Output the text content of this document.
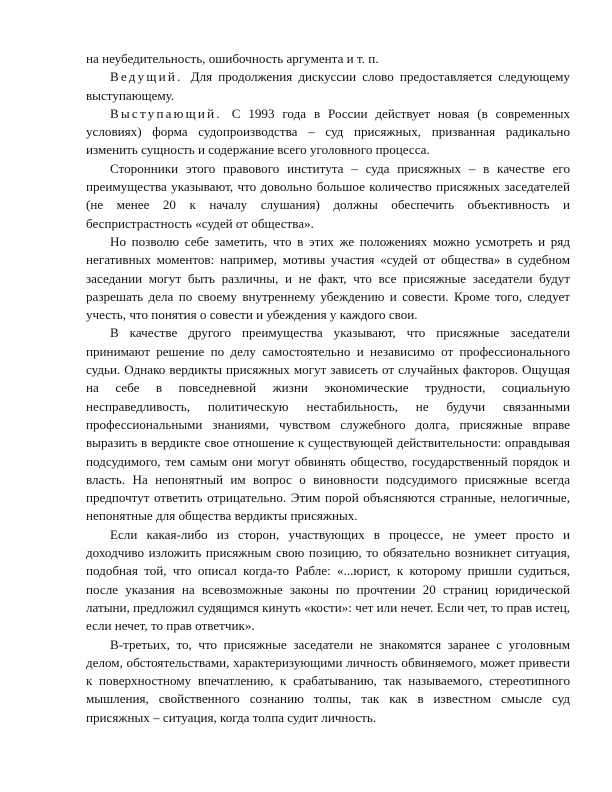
на неубедительность, ошибочность аргумента и т. п.

Ведущий. Для продолжения дискуссии слово предоставляется следующему выступающему.

Выступающий. С 1993 года в России действует новая (в современных условиях) форма судопроизводства – суд присяжных, призванная радикально изменить сущность и содержание всего уголовного процесса.

Сторонники этого правового института – суда присяжных – в качестве его преимущества указывают, что довольно большое количество присяжных заседателей (не менее 20 к началу слушания) должны обеспечить объективность и беспристрастность «судей от общества».

Но позволю себе заметить, что в этих же положениях можно усмотреть и ряд негативных моментов: например, мотивы участия «судей от общества» в судебном заседании могут быть различны, и не факт, что все присяжные заседатели будут разрешать дела по своему внутреннему убеждению и совести. Кроме того, следует учесть, что понятия о совести и убеждения у каждого свои.

В качестве другого преимущества указывают, что присяжные заседатели принимают решение по делу самостоятельно и независимо от профессионального судьи. Однако вердикты присяжных могут зависеть от случайных факторов. Ощущая на себе в повседневной жизни экономические трудности, социальную несправедливость, политическую нестабильность, не будучи связанными профессиональными знаниями, чувством служебного долга, присяжные вправе выразить в вердикте свое отношение к существующей действительности: оправдывая подсудимого, тем самым они могут обвинять общество, государственный порядок и власть. На непонятный им вопрос о виновности подсудимого присяжные всегда предпочтут ответить отрицательно. Этим порой объясняются странные, нелогичные, непонятные для общества вердикты присяжных.

Если какая-либо из сторон, участвующих в процессе, не умеет просто и доходчиво изложить присяжным свою позицию, то обязательно возникнет ситуация, подобная той, что описал когда-то Рабле: «...юрист, к которому пришли судиться, после указания на всевозможные законы по прочтении 20 страниц юридической латыни, предложил судящимся кинуть «кости»: чет или нечет. Если чет, то прав истец, если нечет, то прав ответчик».

В-третьих, то, что присяжные заседатели не знакомятся заранее с уголовным делом, обстоятельствами, характеризующими личность обвиняемого, может привести к поверхностному впечатлению, к срабатыванию, так называемого, стереотипного мышления, свойственного сознанию толпы, так как в известном смысле суд присяжных – ситуация, когда толпа судит личность.
